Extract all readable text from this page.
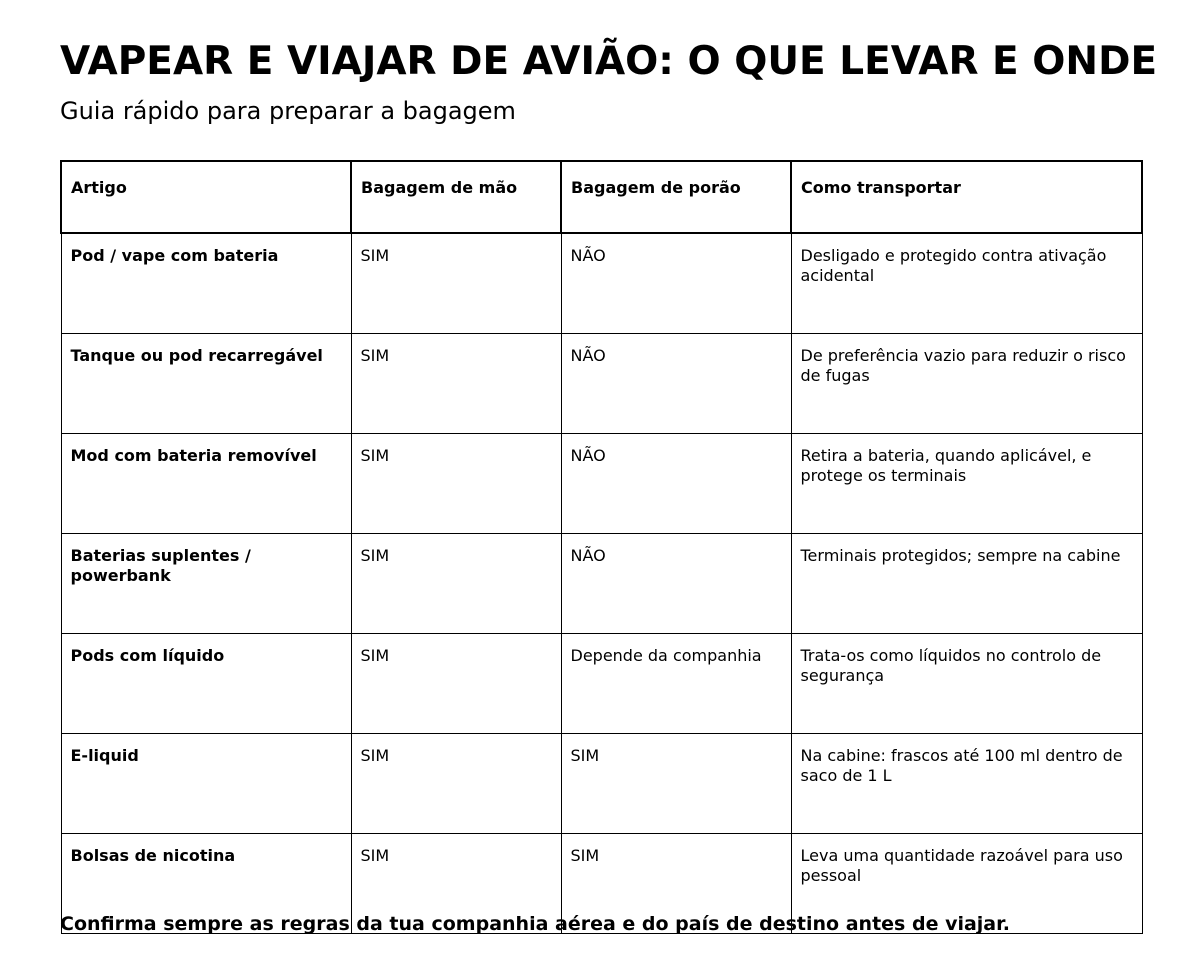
VAPEAR E VIAJAR DE AVIÃO: O QUE LEVAR E ONDE
Guia rápido para preparar a bagagem
Artigo	Bagagem de mão	Bagagem de porão	Como transportar
Pod / vape com bateria	SIM	NÃO	Desligado e protegido contra ativação acidental
Tanque ou pod recarregável	SIM	NÃO	De preferência vazio para reduzir o risco de fugas
Mod com bateria removível	SIM	NÃO	Retira a bateria, quando aplicável, e protege os terminais
Baterias suplentes / powerbank	SIM	NÃO	Terminais protegidos; sempre na cabine
Pods com líquido	SIM	Depende da companhia	Trata-os como líquidos no controlo de segurança
E-liquid	SIM	SIM	Na cabine: frascos até 100 ml dentro de saco de 1 L
Bolsas de nicotina	SIM	SIM	Leva uma quantidade razoável para uso pessoal

Confirma sempre as regras da tua companhia aérea e do país de destino antes de viajar.
